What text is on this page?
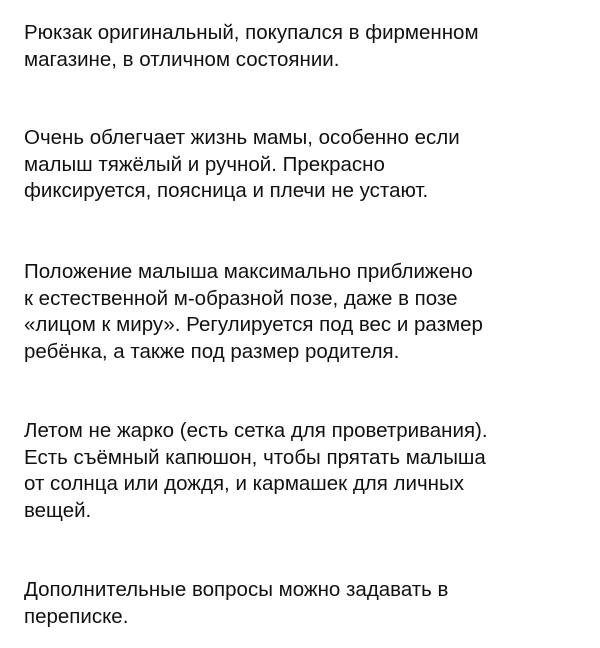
Рюкзак оригинальный, покупался в фирменном
магазине, в отличном состоянии.

Очень облегчает жизнь мамы, особенно если
малыш тяжёлый и ручной. Прекрасно
фиксируется, поясница и плечи не устают.

Положение малыша максимально приближено
к естественной м-образной позе, даже в позе
«лицом к миру». Регулируется под вес и размер
ребёнка, а также под размер родителя.

Летом не жарко (есть сетка для проветривания).
Есть съёмный капюшон, чтобы прятать малыша
от солнца или дождя, и кармашек для личных
вещей.

Дополнительные вопросы можно задавать в
переписке.
